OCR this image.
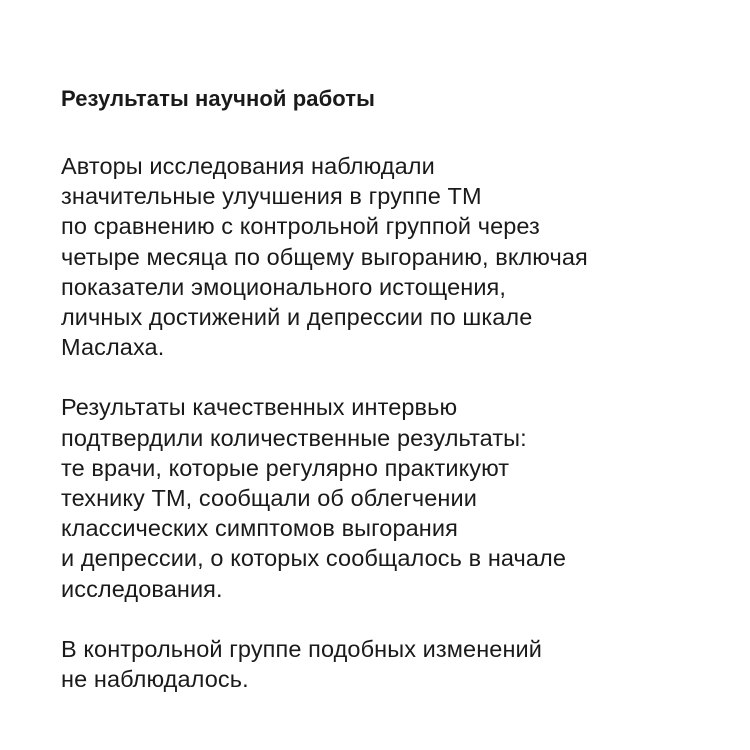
Результаты научной работы

Авторы исследования наблюдали
значительные улучшения в группе ТМ
по сравнению с контрольной группой через
четыре месяца по общему выгоранию, включая
показатели эмоционального истощения,
личных достижений и депрессии по шкале
Маслаха.

Результаты качественных интервью
подтвердили количественные результаты:
те врачи, которые регулярно практикуют
технику ТМ, сообщали об облегчении
классических симптомов выгорания
и депрессии, о которых сообщалось в начале
исследования.

В контрольной группе подобных изменений
не наблюдалось.
